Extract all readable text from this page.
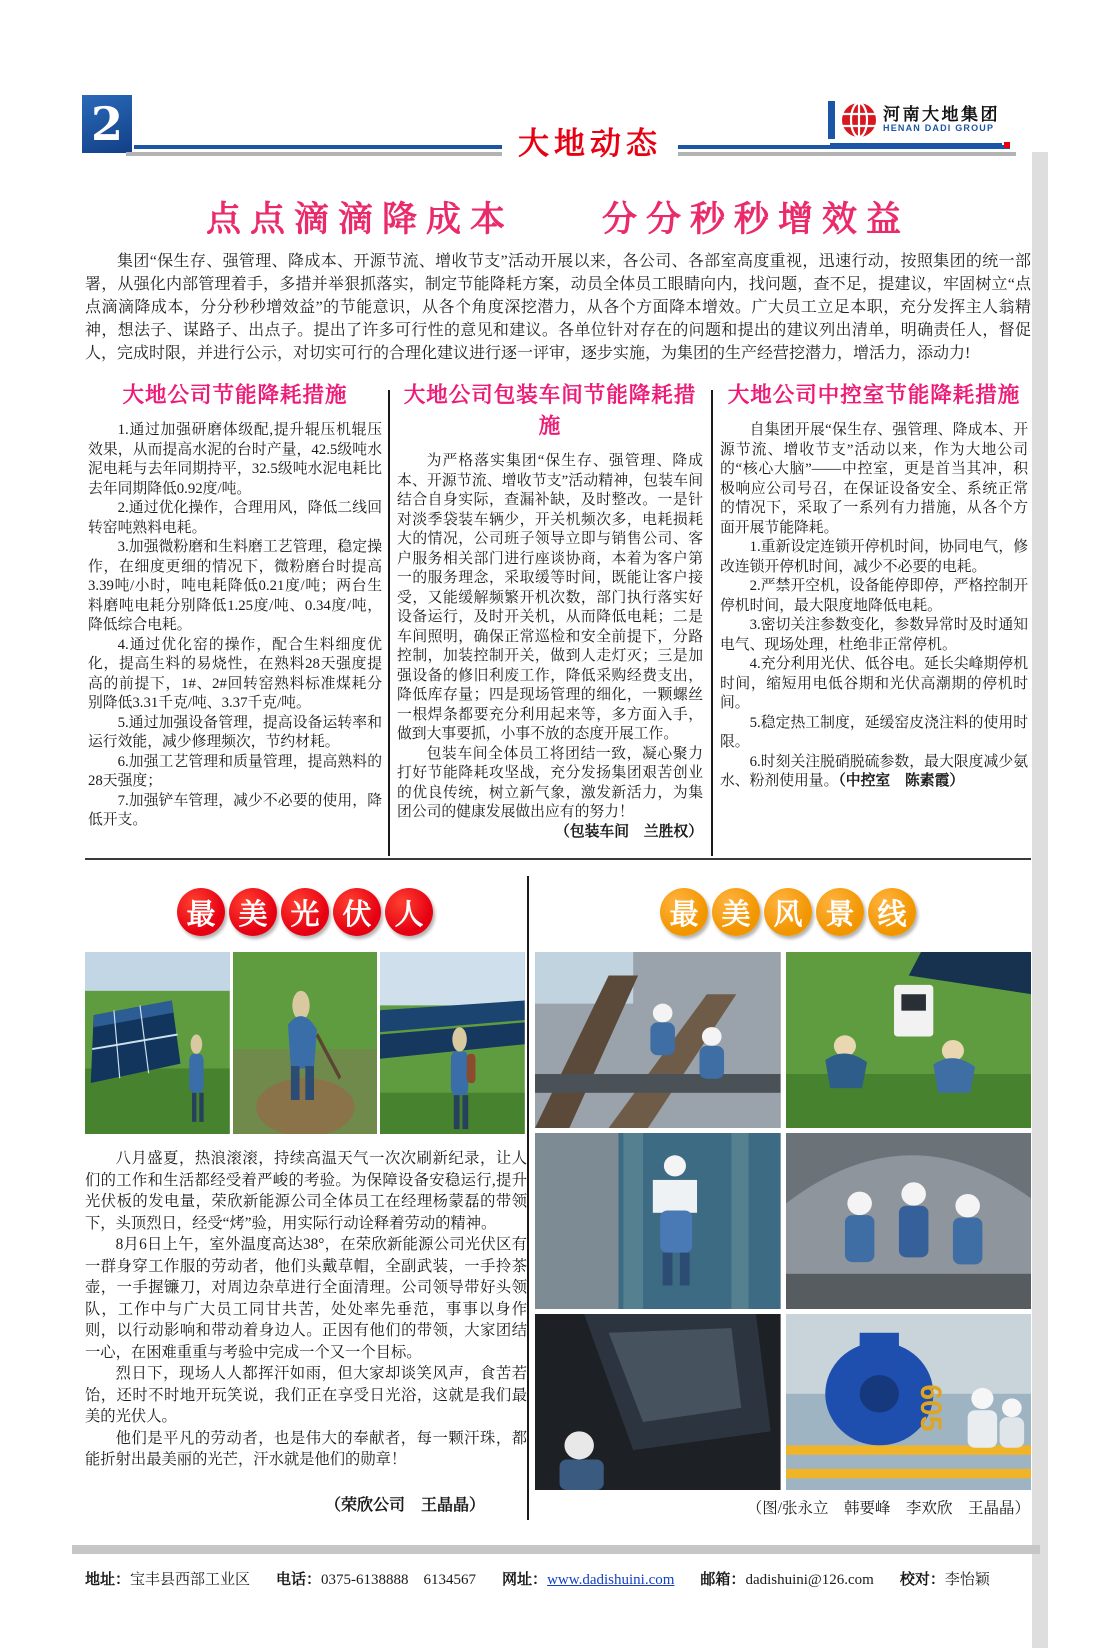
2	大地动态
河南大地集团
HENAN DADI GROUP
点点滴滴降成本　　分分秒秒增效益
集团“保生存、强管理、降成本、开源节流、增收节支”活动开展以来，各公司、各部室高度重视，迅速行动，按照集团的统一部署，从强化内部管理着手，多措并举狠抓落实，制定节能降耗方案，动员全体员工眼睛向内，找问题，查不足，提建议，牢固树立“点点滴滴降成本，分分秒秒增效益”的节能意识，从各个角度深挖潜力，从各个方面降本增效。广大员工立足本职，充分发挥主人翁精神，想法子、谋路子、出点子。提出了许多可行性的意见和建议。各单位针对存在的问题和提出的建议列出清单，明确责任人，督促人，完成时限，并进行公示，对切实可行的合理化建议进行逐一评审，逐步实施，为集团的生产经营挖潜力，增活力，添动力!
大地公司节能降耗措施

1.通过加强研磨体级配,提升辊压机辊压效果，从而提高水泥的台时产量，42.5级吨水泥电耗与去年同期持平，32.5级吨水泥电耗比去年同期降低0.92度/吨。

2.通过优化操作，合理用风，降低二线回转窑吨熟料电耗。

3.加强微粉磨和生料磨工艺管理，稳定操作，在细度更细的情况下，微粉磨台时提高3.39吨/小时，吨电耗降低0.21度/吨；两台生料磨吨电耗分别降低1.25度/吨、0.34度/吨，降低综合电耗。

4.通过优化窑的操作，配合生料细度优化，提高生料的易烧性，在熟料28天强度提高的前提下，1#、2#回转窑熟料标准煤耗分别降低3.31千克/吨、3.37千克/吨。

5.通过加强设备管理，提高设备运转率和运行效能，减少修理频次，节约材耗。

6.加强工艺管理和质量管理，提高熟料的28天强度；

7.加强铲车管理，减少不必要的使用，降低开支。

大地公司包装车间节能降耗措施

为严格落实集团“保生存、强管理、降成本、开源节流、增收节支”活动精神，包装车间结合自身实际，查漏补缺，及时整改。一是针对淡季袋装车辆少，开关机频次多，电耗损耗大的情况，公司班子领导立即与销售公司、客户服务相关部门进行座谈协商，本着为客户第一的服务理念，采取缓等时间，既能让客户接受，又能缓解频繁开机次数，部门执行落实好设备运行，及时开关机，从而降低电耗；二是车间照明，确保正常巡检和安全前提下，分路控制，加装控制开关，做到人走灯灭；三是加强设备的修旧利废工作，降低采购经费支出，降低库存量；四是现场管理的细化，一颗螺丝一根焊条都要充分利用起来等，多方面入手，做到大事要抓，小事不放的态度开展工作。

包装车间全体员工将团结一致，凝心聚力打好节能降耗攻坚战，充分发扬集团艰苦创业的优良传统，树立新气象，激发新活力，为集团公司的健康发展做出应有的努力！

（包装车间　兰胜权）

大地公司中控室节能降耗措施

自集团开展“保生存、强管理、降成本、开源节流、增收节支”活动以来，作为大地公司的“核心大脑”——中控室，更是首当其冲，积极响应公司号召，在保证设备安全、系统正常的情况下，采取了一系列有力措施，从各个方面开展节能降耗。

1.重新设定连锁开停机时间，协同电气，修改连锁开停机时间，减少不必要的电耗。

2.严禁开空机，设备能停即停，严格控制开停机时间，最大限度地降低电耗。

3.密切关注参数变化，参数异常时及时通知电气、现场处理，杜绝非正常停机。

4.充分利用光伏、低谷电。延长尖峰期停机时间，缩短用电低谷期和光伏高潮期的停机时间。

5.稳定热工制度，延缓窑皮浇注料的使用时限。

6.时刻关注脱硝脱硫参数，最大限度减少氨水、粉剂使用量。（中控室　陈素霞）

最 美 光 伏 人

八月盛夏，热浪滚滚，持续高温天气一次次刷新纪录，让人们的工作和生活都经受着严峻的考验。为保障设备安稳运行,提升光伏板的发电量，荣欣新能源公司全体员工在经理杨蒙磊的带领下，头顶烈日，经受“烤”验，用实际行动诠释着劳动的精神。

8月6日上午，室外温度高达38°，在荣欣新能源公司光伏区有一群身穿工作服的劳动者，他们头戴草帽，全副武装，一手拎茶壶，一手握镰刀，对周边杂草进行全面清理。公司领导带好头领队，工作中与广大员工同甘共苦，处处率先垂范，事事以身作则，以行动影响和带动着身边人。正因有他们的带领，大家团结一心，在困难重重与考验中完成一个又一个目标。

烈日下，现场人人都挥汗如雨，但大家却谈笑风声，食苦若饴，还时不时地开玩笑说，我们正在享受日光浴，这就是我们最美的光伏人。

他们是平凡的劳动者，也是伟大的奉献者，每一颗汗珠，都能折射出最美丽的光芒，汗水就是他们的勋章！

（荣欣公司　王晶晶）
最 美 风 景 线
605
（图/张永立　韩要峰　李欢欣　王晶晶）
地址：宝丰县西部工业区 电话：0375-6138888　6134567 网址：www.dadishuini.com 邮箱：dadishuini@126.com 校对：李怡颖
